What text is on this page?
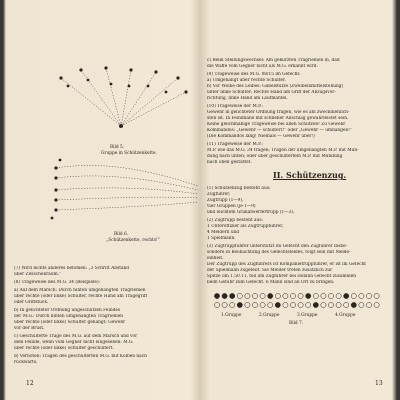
Bild 5.
Gruppe in Schützenkette.
Bild 6.
„Schützenkette, rechts!“
(7) Wird nichts anderes befohlen: „3 Schritt Abstand
über Zwischenraum.“
(8) Trageweise des M.G. 34 (Beispiele):
a) Auf dem Marsch: Durch hinten umgehängten Tragriemen
über rechte (oder linke) Schulter, rechte Hand am Tragegriff
oder Griffstück.
b) In gelichteter Ordnung ungeschützen Feindes
der M.G.: Durch hinten umgehängten Tragriemen
über rechte (oder linke) Schulter gehängt; Gewehr
vor der Brust.
c) Geschulterte Trage des M.G. auf dem Marsch und vor
dem Feinde, wenn vom Gegner nicht eingesehen: M.G.
über rechte (oder linke) Schulter geschultert.
d) Verboten: Tragen des geschulterten M.G. mit Kolben nach
rückwärts.
12
c) Beim Stellungswechsel: Am gekürzten Tragriemen in, daß
die Waffe vom Gegner nicht als M.G. erkannt wird.
(9) Trageweise des M.G. 08/15 im Gefecht:
a) Umgehängt über rechte Schulter.
b) Vor Wölbe des Leibes: Gabelstütze (Zweibeinmittelstellung)
unter linke Schulter; Rechte Hand am Griff der Abzugsvor-
richtung, linke Hand am Laufmantel.
(10) Trageweise der M.P.:
Gewehr in gelichteter Ordnung tragen, wie es am zweckdienlich-
sten ist. In Feindnähe mit schneller Anschlag gewährleistet sein.
Keine gleichmäßige Trageweise bei allen Schützen! Zu Gewehr
Kommandos: „Gewehr — schultert!“ oder „Gewehr — umhängen!“
(Die Kommandos lang! Niemals — Gewehr über!)
(11) Trageweise der M.P.:
M.P. wie das M.G. 34 tragen; Tragen der umgehängten M.P. mit Mün-
dung nach unten; oder über geschultertem M.P. mit Mündung
nach oben gestattet.
II. Schützenzug.
(1) Schützenzug besteht aus:
Zugführer,
Zugtrupp (1—9),
vier Gruppen (je 1—9)
und leichtem Granatwerfertrupp (1—3).
(2) Zugtrupp besteht aus:
1 Unteroffizier als Zugtruppführer,
4 Meldern und
1 Spielmann.
(3) Zugtruppführer unterstützt im Gefecht den Zugführer insbe-
sondere in Beobachtung des Gefechtsfeldes, folgt sein mit Melde-
einheit.
Der Zugtrupp des Zugführers ist Kompanietruppführer, er ist im Gefecht
der Spielmann zugeteilt. Sie Melder treten zusätzlich zur
Spitze um 1.50.11, teil am Zugführer bei sodann Gefecht zusammen
beim Geführ zum Gefecht. 6 Mann sind an Ort zu bringen.
1.Gruppe	2.Gruppe	3.Gruppe	4.Gruppe
Bild 7.
13
